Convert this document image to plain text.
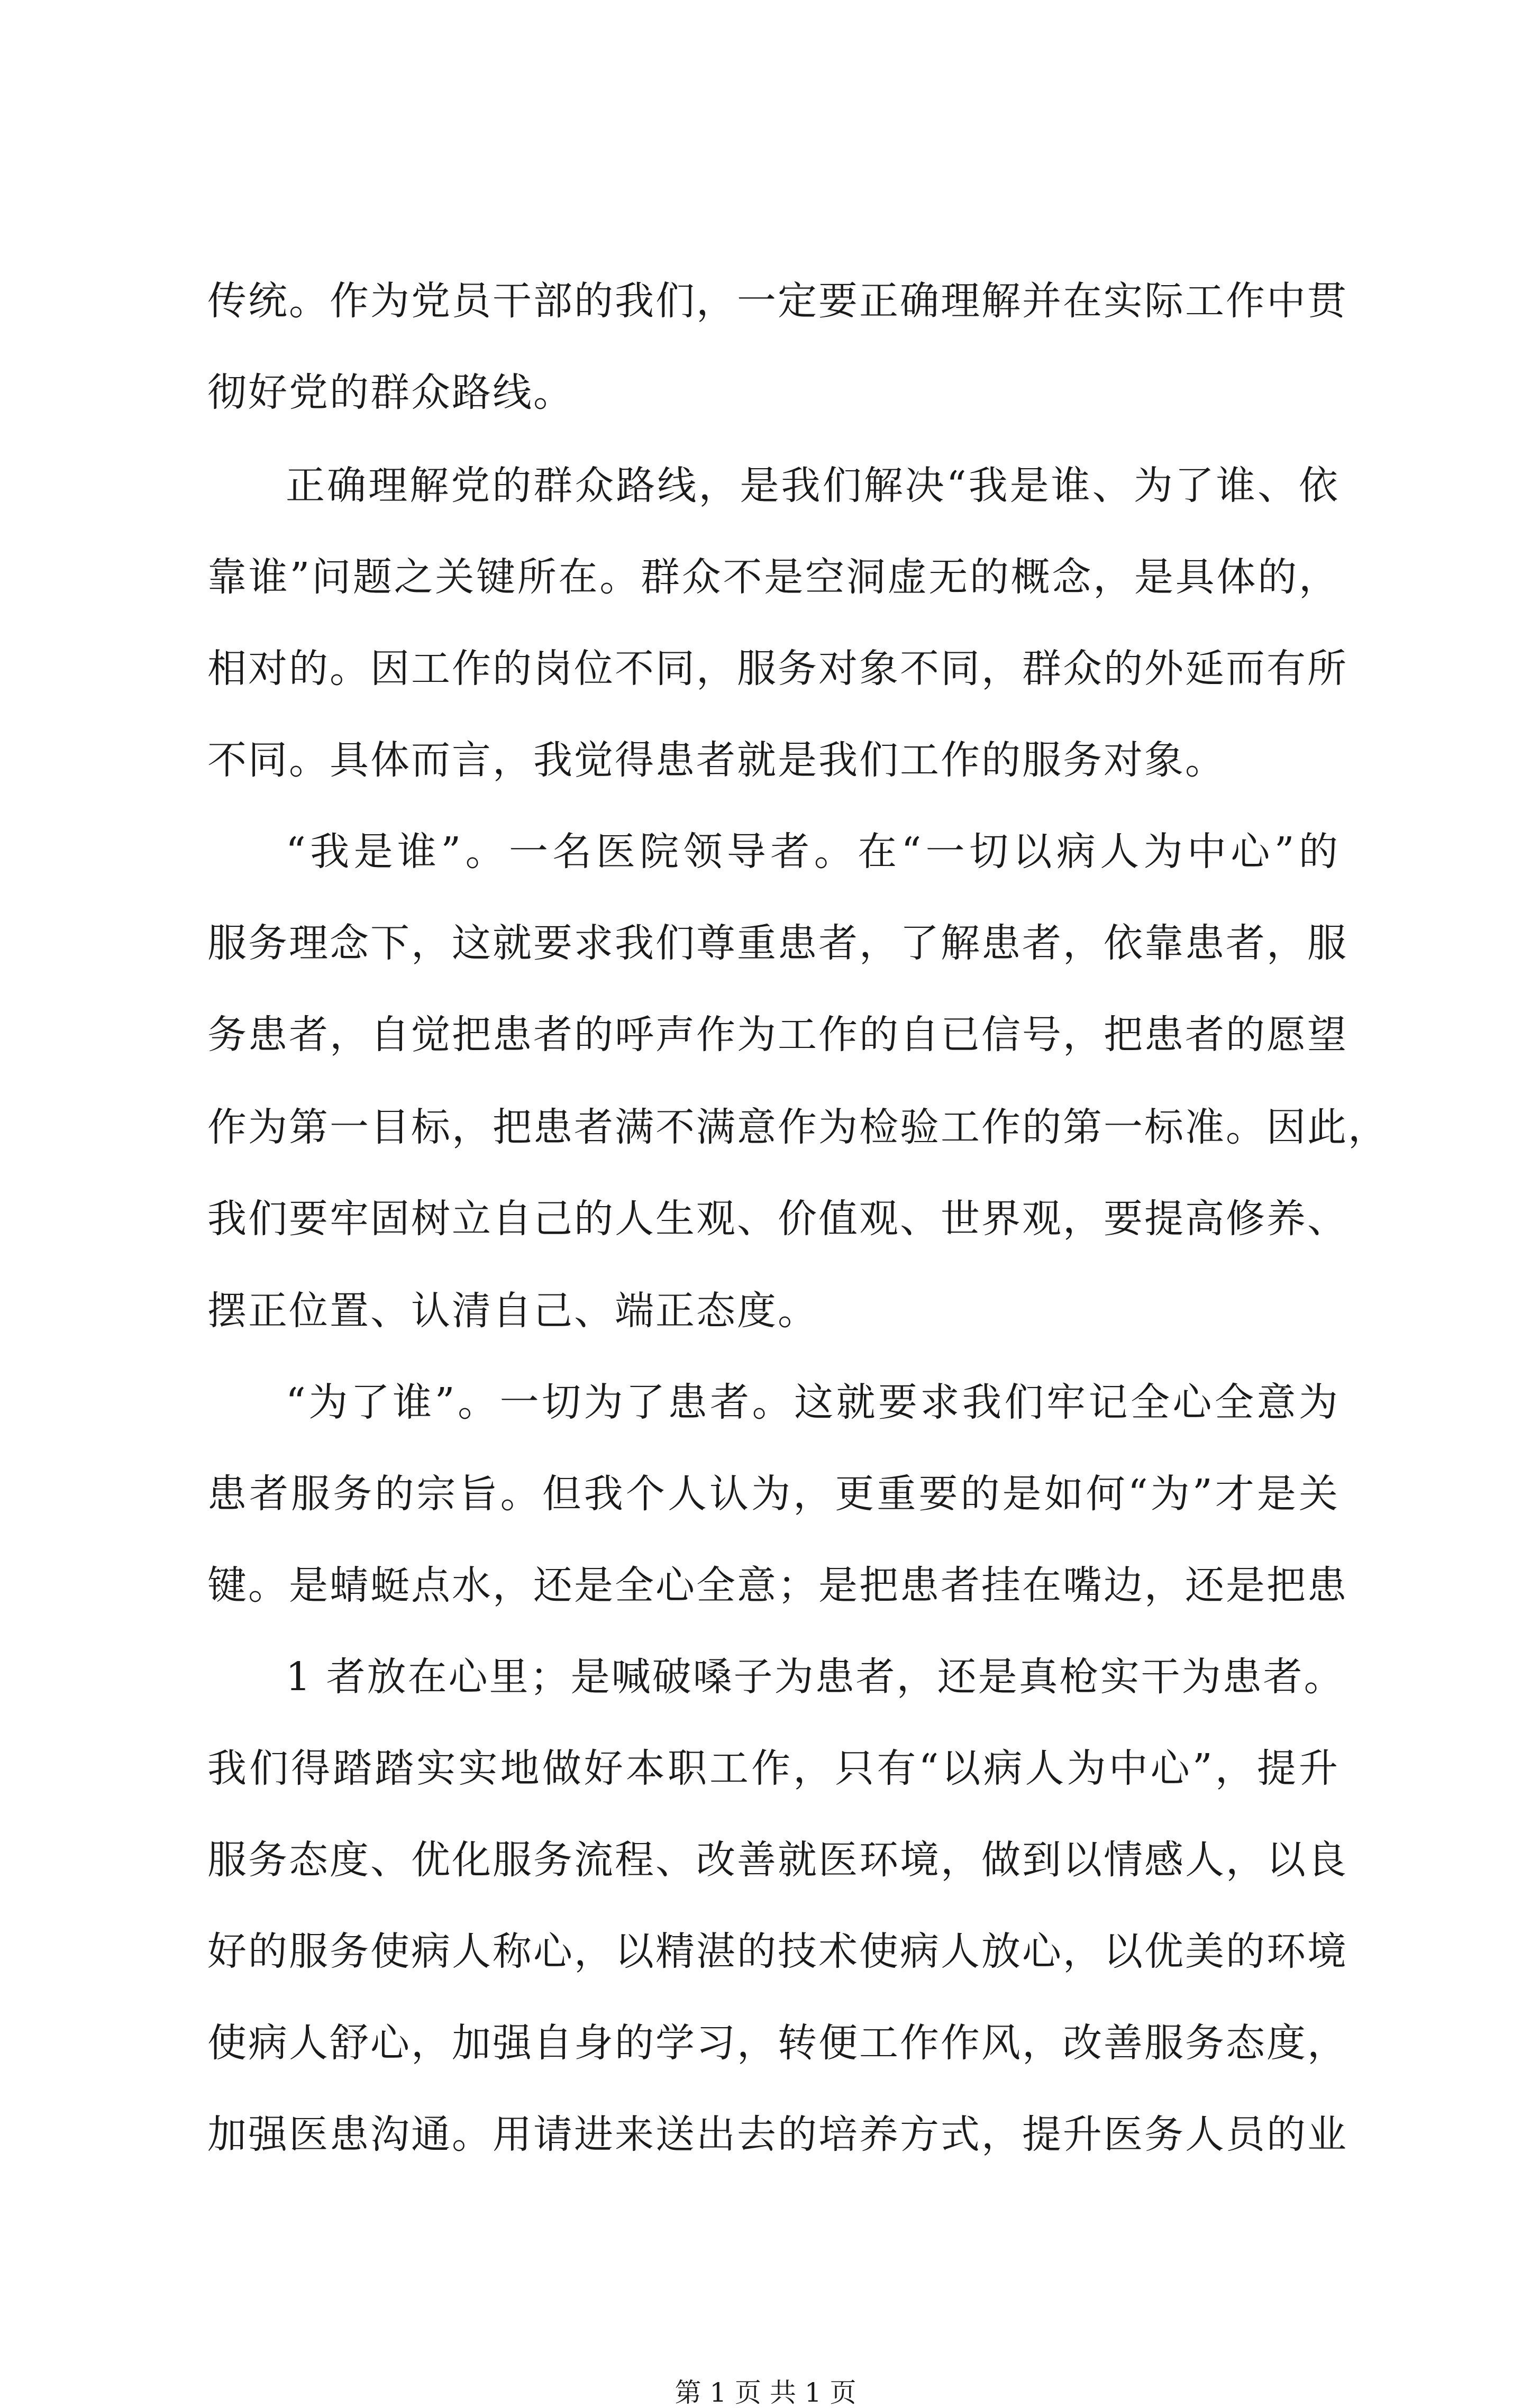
传统。作为党员干部的我们，一定要正确理解并在实际工作中贯
彻好党的群众路线。
正确理解党的群众路线，是我们解决“我是谁、为了谁、依
靠谁”问题之关键所在。群众不是空洞虚无的概念，是具体的，
相对的。因工作的岗位不同，服务对象不同，群众的外延而有所
不同。具体而言，我觉得患者就是我们工作的服务对象。
“我是谁”。一名医院领导者。在“一切以病人为中心”的
服务理念下，这就要求我们尊重患者，了解患者，依靠患者，服
务患者，自觉把患者的呼声作为工作的自已信号，把患者的愿望
作为第一目标，把患者满不满意作为检验工作的第一标准。因此，
我们要牢固树立自己的人生观、价值观、世界观，要提高修养、
摆正位置、认清自己、端正态度。
“为了谁”。一切为了患者。这就要求我们牢记全心全意为
患者服务的宗旨。但我个人认为，更重要的是如何“为”才是关
键。是蜻蜓点水，还是全心全意；是把患者挂在嘴边，还是把患
1 者放在心里；是喊破嗓子为患者，还是真枪实干为患者。
我们得踏踏实实地做好本职工作，只有“以病人为中心”，提升
服务态度、优化服务流程、改善就医环境，做到以情感人，以良
好的服务使病人称心，以精湛的技术使病人放心，以优美的环境
使病人舒心，加强自身的学习，转便工作作风，改善服务态度，
加强医患沟通。用请进来送出去的培养方式，提升医务人员的业
第 1 页 共 1 页
